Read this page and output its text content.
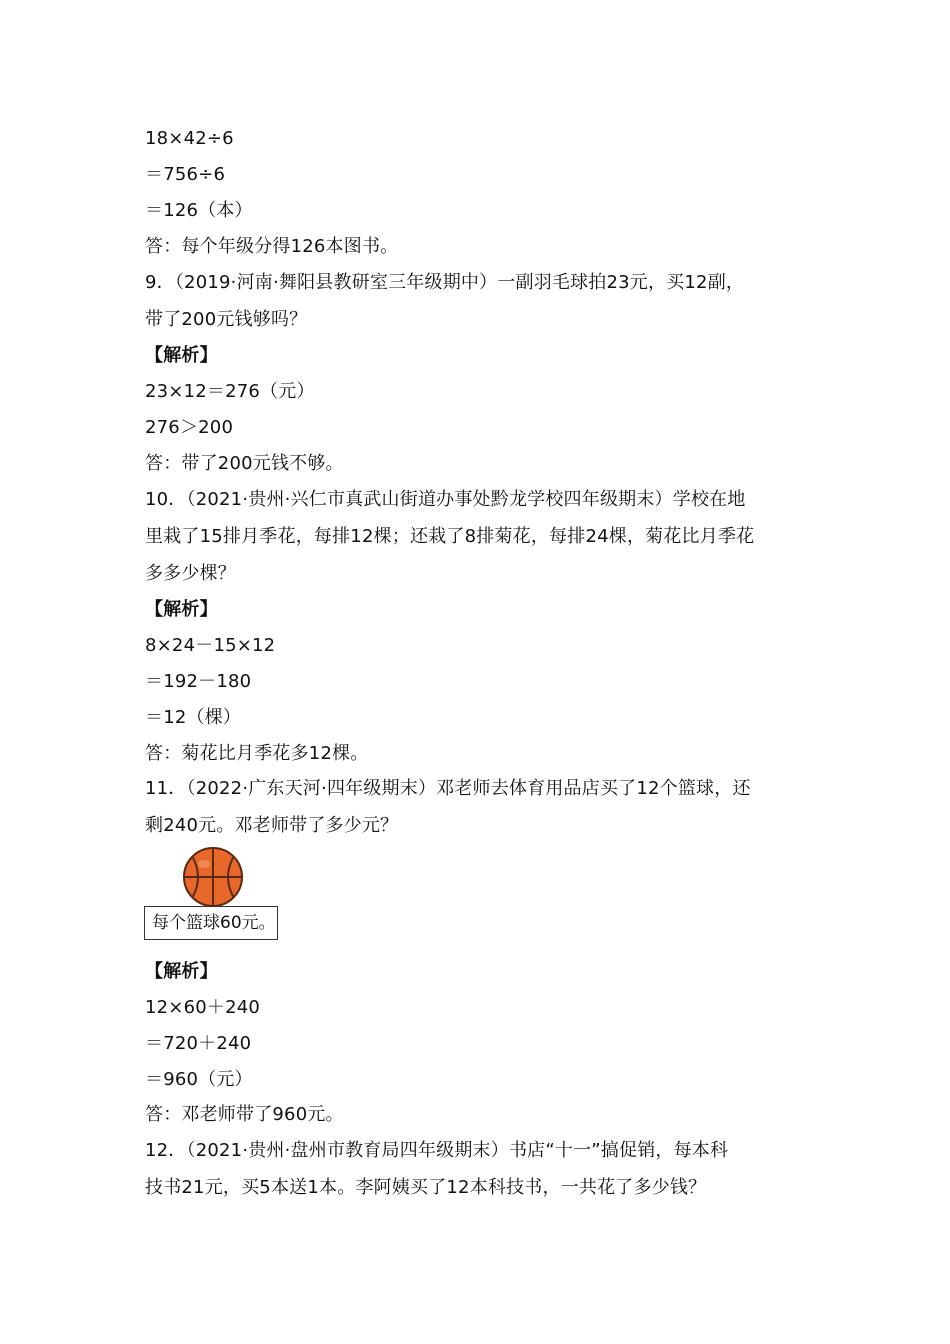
18×42÷6
＝756÷6
＝126（本）
答：每个年级分得126本图书。
9．（2019·河南·舞阳县教研室三年级期中）一副羽毛球拍23元，买12副，
带了200元钱够吗？
【解析】
23×12＝276（元）
276＞200
答：带了200元钱不够。
10．（2021·贵州·兴仁市真武山街道办事处黔龙学校四年级期末）学校在地
里栽了15排月季花，每排12棵；还栽了8排菊花，每排24棵，菊花比月季花
多多少棵？
【解析】
8×24－15×12
＝192－180
＝12（棵）
答：菊花比月季花多12棵。
11．（2022·广东天河·四年级期末）邓老师去体育用品店买了12个篮球，还
剩240元。邓老师带了多少元？
每个篮球60元。
【解析】
12×60＋240
＝720＋240
＝960（元）
答：邓老师带了960元。
12．（2021·贵州·盘州市教育局四年级期末）书店“十一”搞促销，每本科
技书21元，买5本送1本。李阿姨买了12本科技书，一共花了多少钱？
